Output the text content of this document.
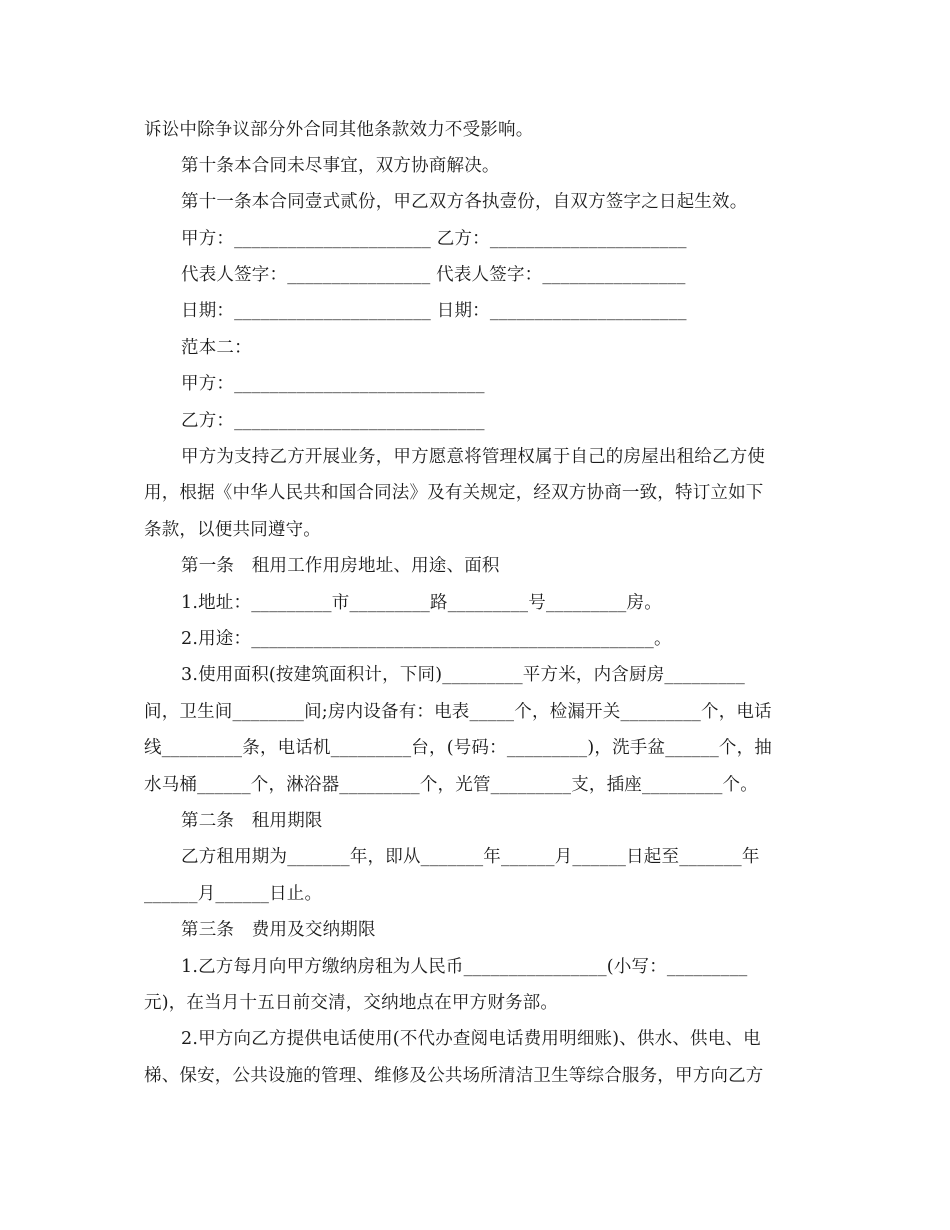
诉讼中除争议部分外合同其他条款效力不受影响。
第十条本合同未尽事宜，双方协商解决。
第十一条本合同壹式贰份，甲乙双方各执壹份，自双方签字之日起生效。
甲方：______________________ 乙方：______________________
代表人签字：________________ 代表人签字：________________
日期：______________________ 日期：______________________
范本二：
甲方：____________________________
乙方：____________________________
甲方为支持乙方开展业务，甲方愿意将管理权属于自己的房屋出租给乙方使
用，根据《中华人民共和国合同法》及有关规定，经双方协商一致，特订立如下
条款，以便共同遵守。
第一条　租用工作用房地址、用途、面积
1.地址：_________市_________路_________号_________房。
2.用途：_____________________________________________。
3.使用面积(按建筑面积计，下同)_________平方米，内含厨房_________
间，卫生间________间;房内设备有：电表_____个，检漏开关_________个，电话
线_________条，电话机_________台，(号码：_________)，洗手盆______个，抽
水马桶______个，淋浴器_________个，光管_________支，插座_________个。
第二条　租用期限
乙方租用期为_______年，即从_______年______月______日起至_______年
______月______日止。
第三条　费用及交纳期限
1.乙方每月向甲方缴纳房租为人民币________________(小写：_________
元)，在当月十五日前交清，交纳地点在甲方财务部。
2.甲方向乙方提供电话使用(不代办查阅电话费用明细账)、供水、供电、电
梯、保安，公共设施的管理、维修及公共场所清洁卫生等综合服务，甲方向乙方
